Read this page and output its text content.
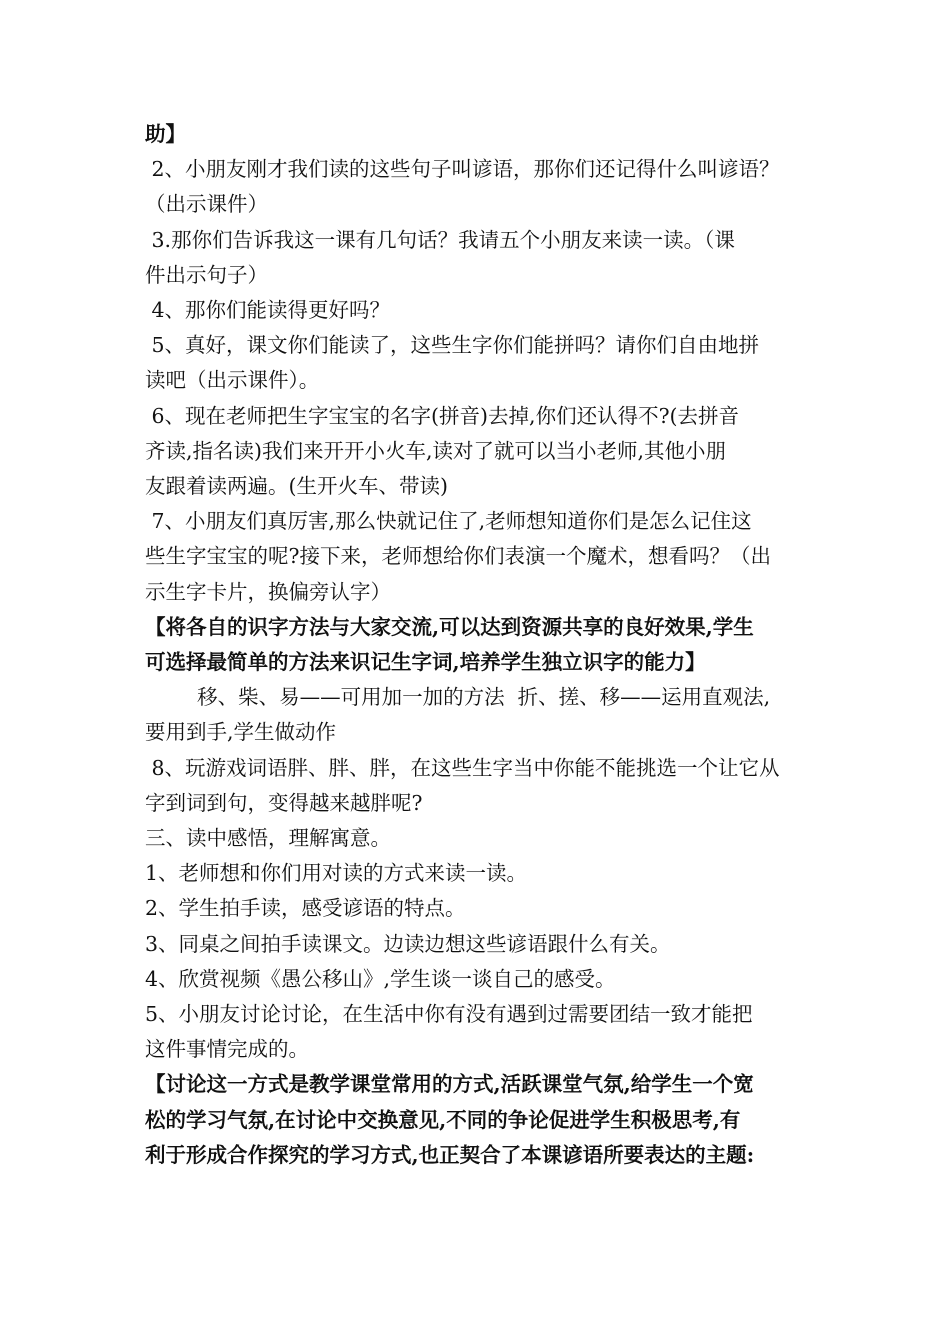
助】
2、小朋友刚才我们读的这些句子叫谚语，那你们还记得什么叫谚语？
（出示课件）
3.那你们告诉我这一课有几句话？我请五个小朋友来读一读。（课
件出示句子）
4、那你们能读得更好吗？
5、真好，课文你们能读了，这些生字你们能拼吗？请你们自由地拼
读吧（出示课件）。
6、现在老师把生字宝宝的名字(拼音)去掉,你们还认得不?(去拼音
齐读,指名读)我们来开开小火车,读对了就可以当小老师,其他小朋
友跟着读两遍。(生开火车、带读)
7、小朋友们真厉害,那么快就记住了,老师想知道你们是怎么记住这
些生字宝宝的呢?接下来，老师想给你们表演一个魔术，想看吗？（出
示生字卡片，换偏旁认字）
【将各自的识字方法与大家交流,可以达到资源共享的良好效果,学生
可选择最简单的方法来识记生字词,培养学生独立识字的能力】
移、柴、易——可用加一加的方法  折、搓、移——运用直观法,
要用到手,学生做动作
8、玩游戏词语胖、胖、胖，在这些生字当中你能不能挑选一个让它从
字到词到句，变得越来越胖呢?
三、读中感悟，理解寓意。
1、老师想和你们用对读的方式来读一读。
2、学生拍手读，感受谚语的特点。
3、同桌之间拍手读课文。边读边想这些谚语跟什么有关。
4、欣赏视频《愚公移山》,学生谈一谈自己的感受。
5、小朋友讨论讨论，在生活中你有没有遇到过需要团结一致才能把
这件事情完成的。
【讨论这一方式是教学课堂常用的方式,活跃课堂气氛,给学生一个宽
松的学习气氛,在讨论中交换意见,不同的争论促进学生积极思考,有
利于形成合作探究的学习方式,也正契合了本课谚语所要表达的主题:
